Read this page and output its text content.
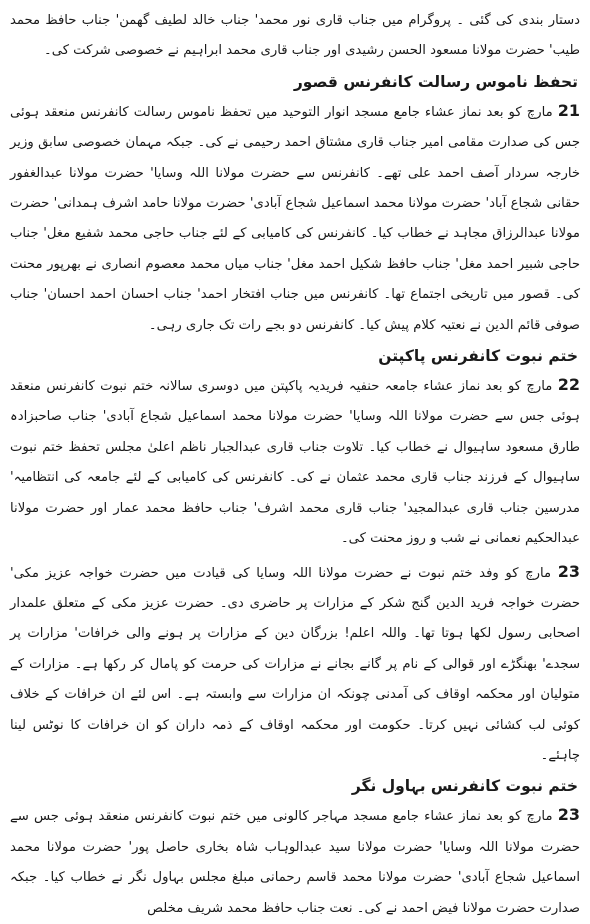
دستار بندی کی گئی ۔ پروگرام میں جناب قاری نور محمد' جناب خالد لطیف گھمن' جناب حافظ محمد طیب' حضرت مولانا مسعود الحسن رشیدی اور جناب قاری محمد ابراہیم نے خصوصی شرکت کی۔

تحفظ ناموس رسالت کانفرنس قصور

21 مارچ کو بعد نماز عشاء جامع مسجد انوار التوحید میں تحفظ ناموس رسالت کانفرنس منعقد ہوئی جس کی صدارت مقامی امیر جناب قاری مشتاق احمد رحیمی نے کی۔ جبکہ مہمان خصوصی سابق وزیر خارجہ سردار آصف احمد علی تھے۔ کانفرنس سے حضرت مولانا اللہ وسایا' حضرت مولانا عبدالغفور حقانی شجاع آباد' حضرت مولانا محمد اسماعیل شجاع آبادی' حضرت مولانا حامد اشرف ہمدانی' حضرت مولانا عبدالرزاق مجاہد نے خطاب کیا۔ کانفرنس کی کامیابی کے لئے جناب حاجی محمد شفیع مغل' جناب حاجی شبیر احمد مغل' جناب حافظ شکیل احمد مغل' جناب میاں محمد معصوم انصاری نے بھرپور محنت کی۔ قصور میں تاریخی اجتماع تھا۔ کانفرنس میں جناب افتخار احمد' جناب احسان احمد احسان' جناب صوفی قائم الدین نے نعتیہ کلام پیش کیا۔ کانفرنس دو بجے رات تک جاری رہی۔

ختم نبوت کانفرنس پاکپتن

22 مارچ کو بعد نماز عشاء جامعہ حنفیہ فریدیہ پاکپتن میں دوسری سالانہ ختم نبوت کانفرنس منعقد ہوئی جس سے حضرت مولانا اللہ وسایا' حضرت مولانا محمد اسماعیل شجاع آبادی' جناب صاحبزادہ طارق مسعود ساہیوال نے خطاب کیا۔ تلاوت جناب قاری عبدالجبار ناظم اعلیٰ مجلس تحفظ ختم نبوت ساہیوال کے فرزند جناب قاری محمد عثمان نے کی۔ کانفرنس کی کامیابی کے لئے جامعہ کی انتظامیہ' مدرسین جناب قاری عبدالمجید' جناب قاری محمد اشرف' جناب حافظ محمد عمار اور حضرت مولانا عبدالحکیم نعمانی نے شب و روز محنت کی۔

23 مارچ کو وفد ختم نبوت نے حضرت مولانا اللہ وسایا کی قیادت میں حضرت خواجہ عزیز مکی' حضرت خواجہ فرید الدین گنج شکر کے مزارات پر حاضری دی۔ حضرت عزیز مکی کے متعلق علمدار اصحابی رسول لکھا ہوتا تھا۔ واللہ اعلم! بزرگان دین کے مزارات پر ہونے والی خرافات' مزارات پر سجدے' بھنگڑے اور قوالی کے نام پر گانے بجانے نے مزارات کی حرمت کو پامال کر رکھا ہے۔ مزارات کے متولیان اور محکمہ اوقاف کی آمدنی چونکہ ان مزارات سے وابستہ ہے۔ اس لئے ان خرافات کے خلاف کوئی لب کشائی نہیں کرتا۔ حکومت اور محکمہ اوقاف کے ذمہ داران کو ان خرافات کا نوٹس لینا چاہئے۔

ختم نبوت کانفرنس بہاول نگر

23 مارچ کو بعد نماز عشاء جامع مسجد مہاجر کالونی میں ختم نبوت کانفرنس منعقد ہوئی جس سے حضرت مولانا اللہ وسایا' حضرت مولانا سید عبدالوہاب شاہ بخاری حاصل پور' حضرت مولانا محمد اسماعیل شجاع آبادی' حضرت مولانا محمد قاسم رحمانی مبلغ مجلس بہاول نگر نے خطاب کیا۔ جبکہ صدارت حضرت مولانا فیض احمد نے کی۔ نعت جناب حافظ محمد شریف مخلص
